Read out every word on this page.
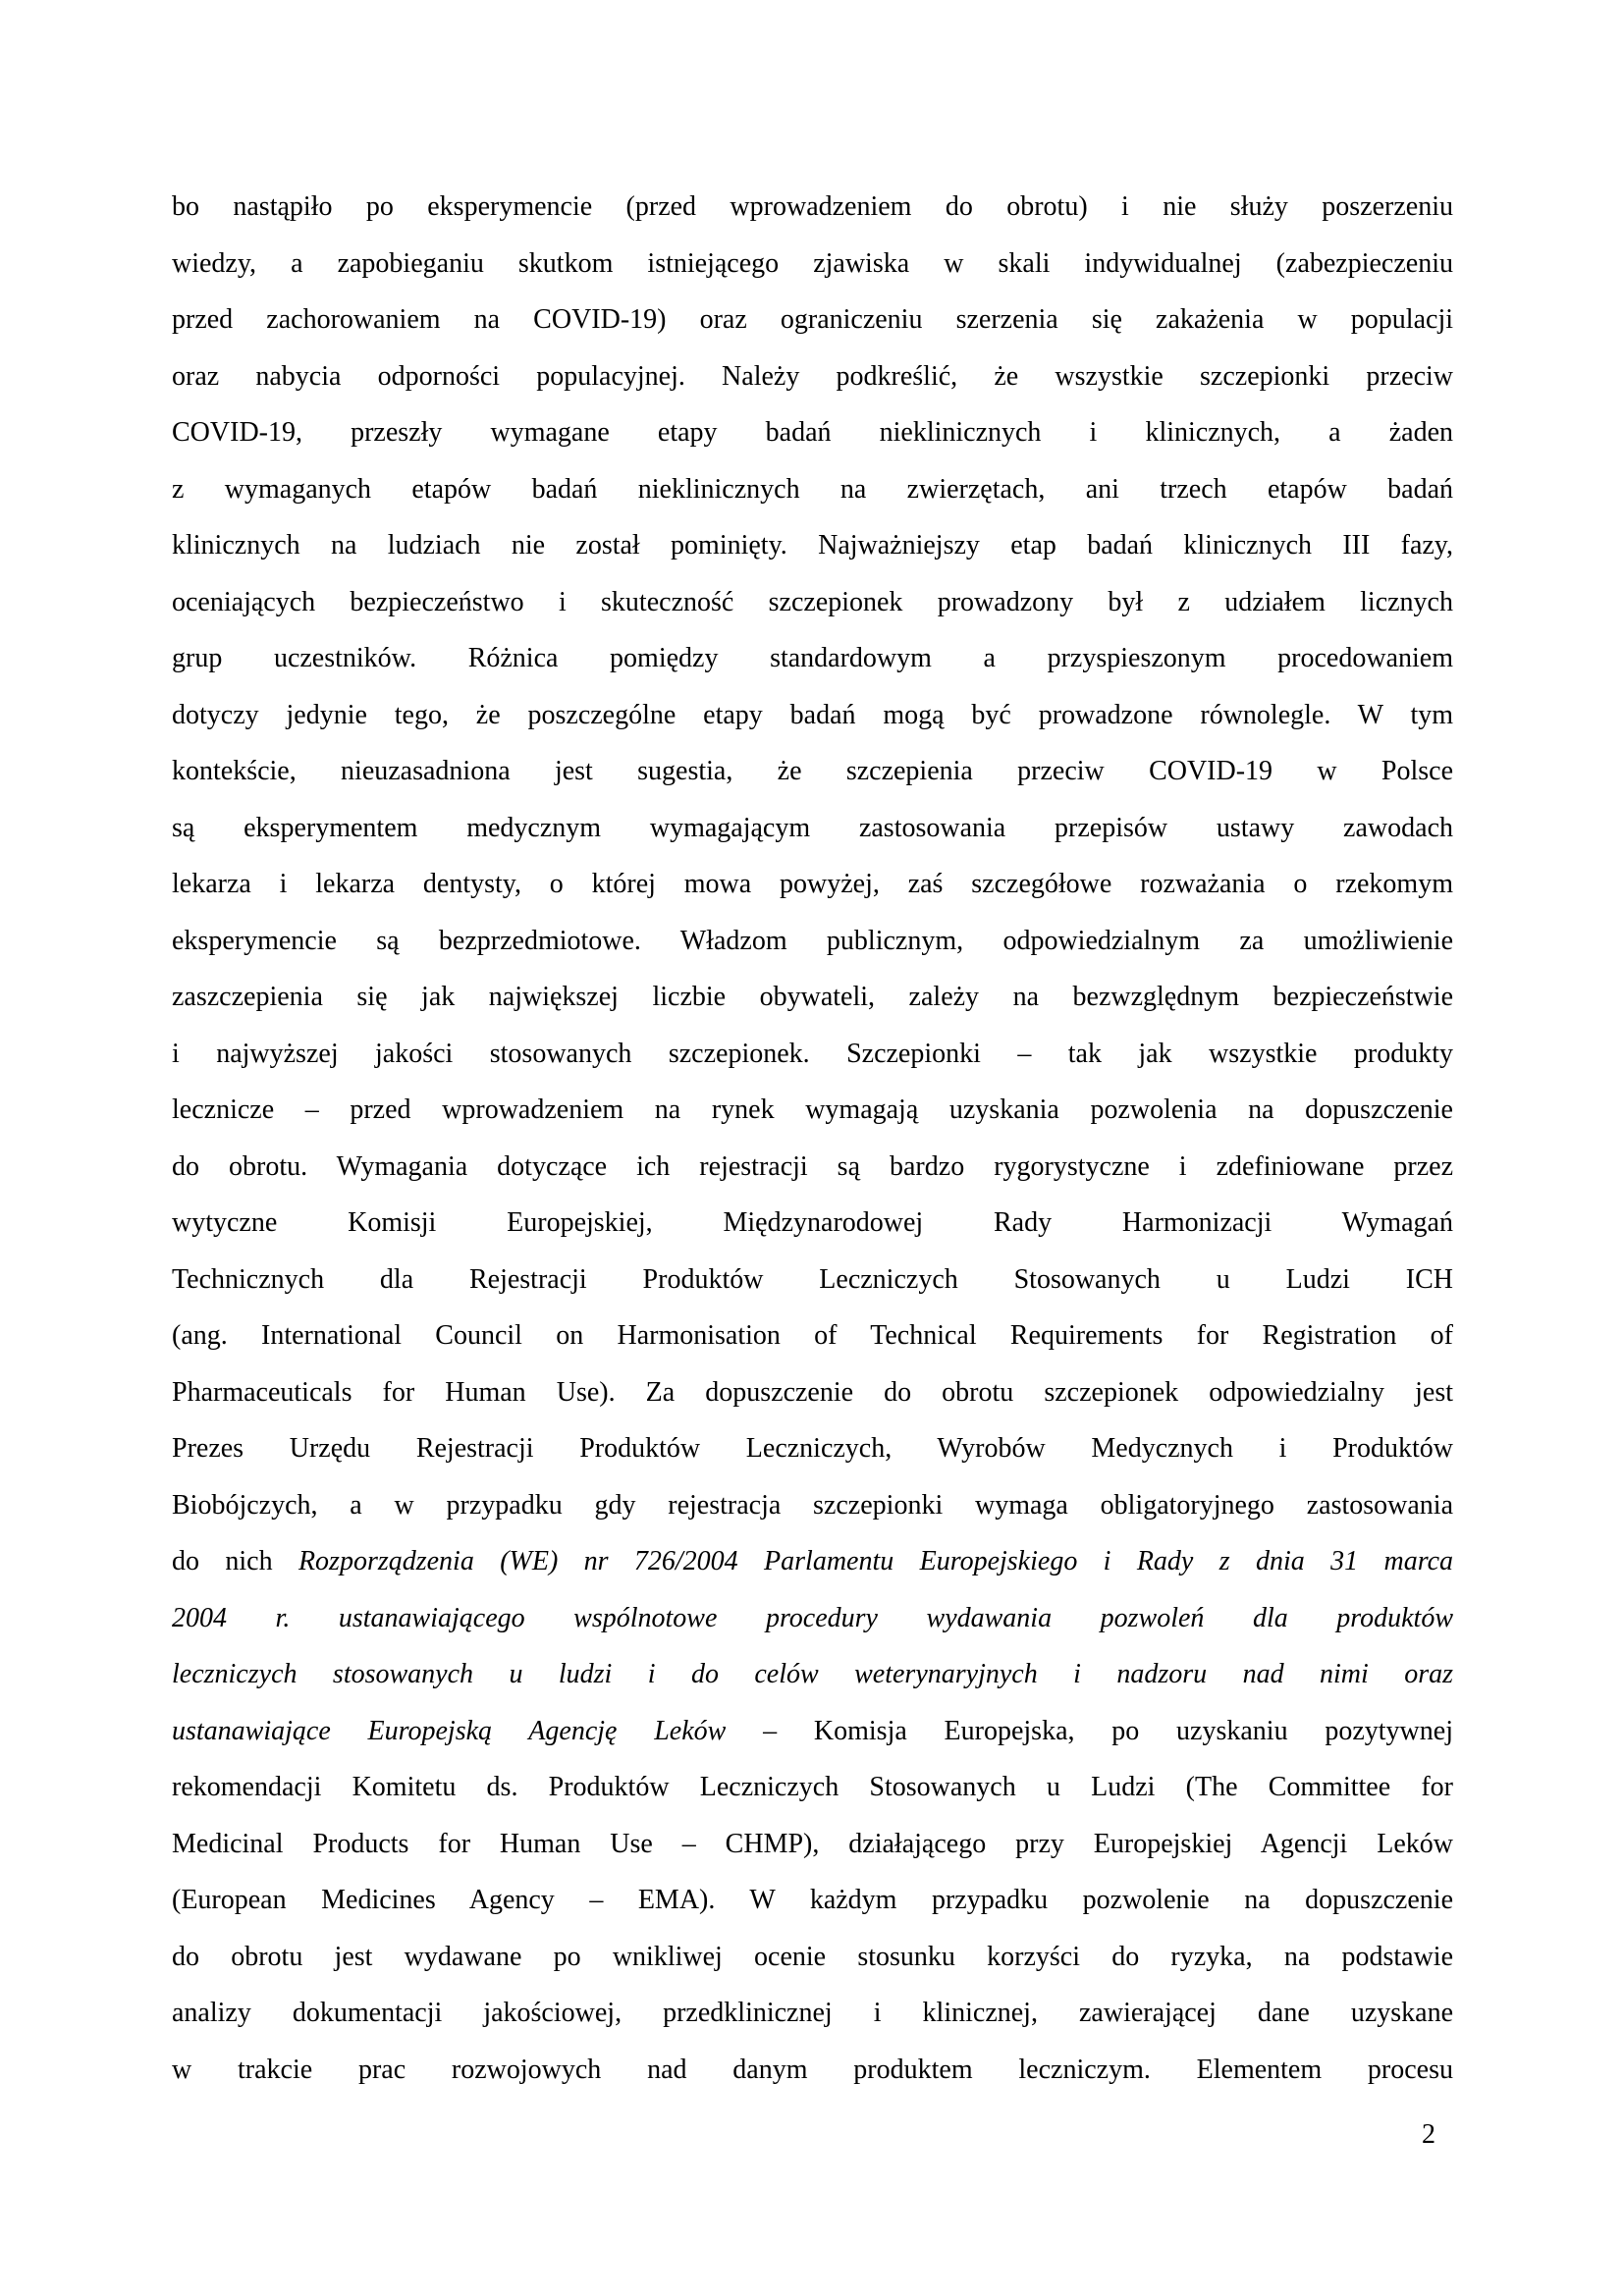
bo nastąpiło po eksperymencie (przed wprowadzeniem do obrotu) i nie służy poszerzeniu
wiedzy, a zapobieganiu skutkom istniejącego zjawiska w skali indywidualnej (zabezpieczeniu
przed zachorowaniem na COVID-19) oraz ograniczeniu szerzenia się zakażenia w populacji
oraz nabycia odporności populacyjnej. Należy podkreślić, że wszystkie szczepionki przeciw
COVID-19, przeszły wymagane etapy badań nieklinicznych i klinicznych, a żaden
z wymaganych etapów badań nieklinicznych na zwierzętach, ani trzech etapów badań
klinicznych na ludziach nie został pominięty. Najważniejszy etap badań klinicznych III fazy,
oceniających bezpieczeństwo i skuteczność szczepionek prowadzony był z udziałem licznych
grup uczestników. Różnica pomiędzy standardowym a przyspieszonym procedowaniem
dotyczy jedynie tego, że poszczególne etapy badań mogą być prowadzone równolegle. W tym
kontekście, nieuzasadniona jest sugestia, że szczepienia przeciw COVID-19 w Polsce
są eksperymentem medycznym wymagającym zastosowania przepisów ustawy zawodach
lekarza i lekarza dentysty, o której mowa powyżej, zaś szczegółowe rozważania o rzekomym
eksperymencie są bezprzedmiotowe. Władzom publicznym, odpowiedzialnym za umożliwienie
zaszczepienia się jak największej liczbie obywateli, zależy na bezwzględnym bezpieczeństwie
i najwyższej jakości stosowanych szczepionek. Szczepionki – tak jak wszystkie produkty
lecznicze – przed wprowadzeniem na rynek wymagają uzyskania pozwolenia na dopuszczenie
do obrotu. Wymagania dotyczące ich rejestracji są bardzo rygorystyczne i zdefiniowane przez
wytyczne Komisji Europejskiej, Międzynarodowej Rady Harmonizacji Wymagań
Technicznych dla Rejestracji Produktów Leczniczych Stosowanych u Ludzi ICH
(ang. International Council on Harmonisation of Technical Requirements for Registration of
Pharmaceuticals for Human Use). Za dopuszczenie do obrotu szczepionek odpowiedzialny jest
Prezes Urzędu Rejestracji Produktów Leczniczych, Wyrobów Medycznych i Produktów
Biobójczych, a w przypadku gdy rejestracja szczepionki wymaga obligatoryjnego zastosowania
do nich Rozporządzenia (WE) nr 726/2004 Parlamentu Europejskiego i Rady z dnia 31 marca
2004 r. ustanawiającego wspólnotowe procedury wydawania pozwoleń dla produktów
leczniczych stosowanych u ludzi i do celów weterynaryjnych i nadzoru nad nimi oraz
ustanawiające Europejską Agencję Leków – Komisja Europejska, po uzyskaniu pozytywnej
rekomendacji Komitetu ds. Produktów Leczniczych Stosowanych u Ludzi (The Committee for
Medicinal Products for Human Use – CHMP), działającego przy Europejskiej Agencji Leków
(European Medicines Agency – EMA). W każdym przypadku pozwolenie na dopuszczenie
do obrotu jest wydawane po wnikliwej ocenie stosunku korzyści do ryzyka, na podstawie
analizy dokumentacji jakościowej, przedklinicznej i klinicznej, zawierającej dane uzyskane
w trakcie prac rozwojowych nad danym produktem leczniczym. Elementem procesu
2
